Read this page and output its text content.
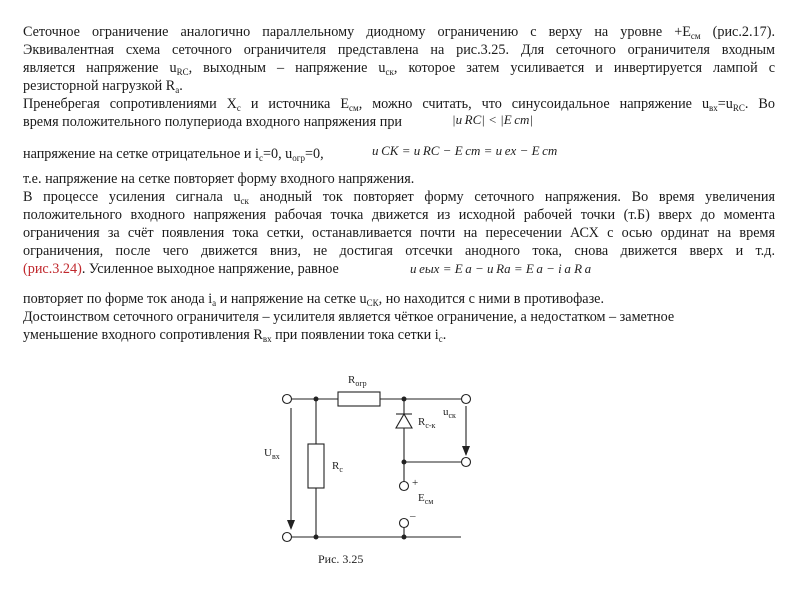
Сеточное ограничение аналогично параллельному диодному ограничению с верху на уровне $+E_{см}$ (рис.2.17).
Эквивалентная схема сеточного ограничителя представлена на рис.3.25. Для сеточного ограничителя входным
является напряжение $u_{RC}$, выходным – напряжение $u_{ск}$, которое затем усиливается и инвертируется лампой с
резисторной нагрузкой $R_а$.
Пренебрегая сопротивлениями $X_c$ и источника $E_{см}$, можно считать, что синусоидальное напряжение $u_{вх}=u_{RC}$. Во
время положительного полупериода входного напряжения при	|u RC| < |E cm|
напряжение на сетке отрицательное и $i_c=0$, $u_{огр}=0$,	u CK = u RC − E cm = u ex − E cm
т.е. напряжение на сетке повторяет форму входного напряжения.
В процессе усиления сигнала $u_{ск}$ анодный ток повторяет форму сеточного напряжения. Во время увеличения
положительного входного напряжения рабочая точка движется из исходной рабочей точки (т.Б) вверх до момента
ограничения за счёт появления тока сетки, останавливается почти на пересечении АСХ с осью ординат на время
ограничения, после чего движется вниз, не достигая отсечки анодного тока, снова движется вверх и т.д.
(рис.3.24). Усиленное выходное напряжение, равное	u eых = E a − u Ra = E a − i a R a
повторяет по форме ток анода $i_а$ и напряжение на сетке $u_{СК}$, но находится с ними в противофазе.
Достоинством сеточного ограничителя – усилителя является чёткое ограничение, а недостатком – заметное
уменьшение входного сопротивления $R_{вх}$ при появлении тока сетки $i_с$.
$R_{огр}$
$U_{вх}$
$R_с$
$R_{с-к}$
$u_{ск}$
+
$E_{см}$
–
Рис. 3.25
